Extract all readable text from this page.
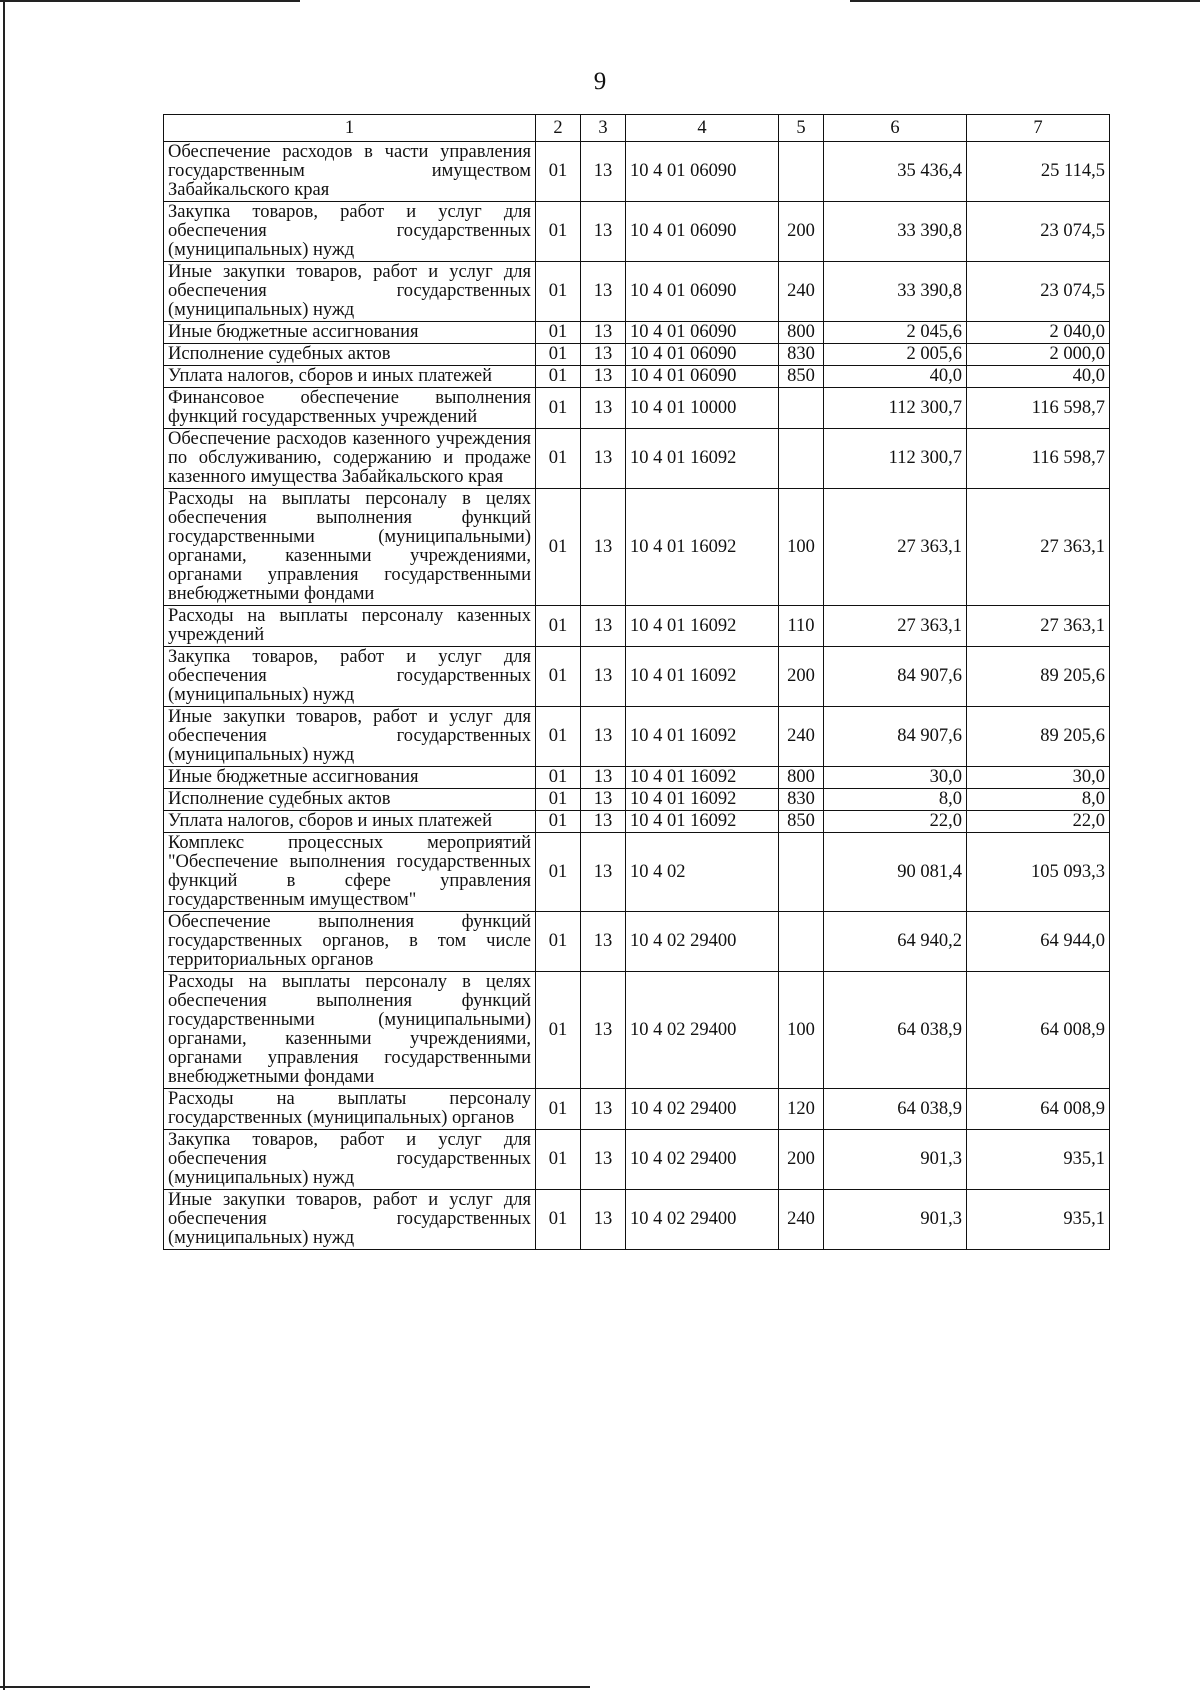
9
1	2	3	4	5	6	7
Обеспечение расходов в части управления государственным имуществом Забайкальского края	01	13	10 4 01 06090		35 436,4	25 114,5
Закупка товаров, работ и услуг для обеспечения государственных (муниципальных) нужд	01	13	10 4 01 06090	200	33 390,8	23 074,5
Иные закупки товаров, работ и услуг для обеспечения государственных (муниципальных) нужд	01	13	10 4 01 06090	240	33 390,8	23 074,5
Иные бюджетные ассигнования	01	13	10 4 01 06090	800	2 045,6	2 040,0
Исполнение судебных актов	01	13	10 4 01 06090	830	2 005,6	2 000,0
Уплата налогов, сборов и иных платежей	01	13	10 4 01 06090	850	40,0	40,0
Финансовое обеспечение выполнения функций государственных учреждений	01	13	10 4 01 10000		112 300,7	116 598,7
Обеспечение расходов казенного учреждения по обслуживанию, содержанию и продаже казенного имущества Забайкальского края	01	13	10 4 01 16092		112 300,7	116 598,7
Расходы на выплаты персоналу в целях обеспечения выполнения функций государственными (муниципальными) органами, казенными учреждениями, органами управления государственными внебюджетными фондами	01	13	10 4 01 16092	100	27 363,1	27 363,1
Расходы на выплаты персоналу казенных учреждений	01	13	10 4 01 16092	110	27 363,1	27 363,1
Закупка товаров, работ и услуг для обеспечения государственных (муниципальных) нужд	01	13	10 4 01 16092	200	84 907,6	89 205,6
Иные закупки товаров, работ и услуг для обеспечения государственных (муниципальных) нужд	01	13	10 4 01 16092	240	84 907,6	89 205,6
Иные бюджетные ассигнования	01	13	10 4 01 16092	800	30,0	30,0
Исполнение судебных актов	01	13	10 4 01 16092	830	8,0	8,0
Уплата налогов, сборов и иных платежей	01	13	10 4 01 16092	850	22,0	22,0
Комплекс процессных мероприятий "Обеспечение выполнения государственных функций в сфере управления государственным имуществом"	01	13	10 4 02		90 081,4	105 093,3
Обеспечение выполнения функций государственных органов, в том числе территориальных органов	01	13	10 4 02 29400		64 940,2	64 944,0
Расходы на выплаты персоналу в целях обеспечения выполнения функций государственными (муниципальными) органами, казенными учреждениями, органами управления государственными внебюджетными фондами	01	13	10 4 02 29400	100	64 038,9	64 008,9
Расходы на выплаты персоналу государственных (муниципальных) органов	01	13	10 4 02 29400	120	64 038,9	64 008,9
Закупка товаров, работ и услуг для обеспечения государственных (муниципальных) нужд	01	13	10 4 02 29400	200	901,3	935,1
Иные закупки товаров, работ и услуг для обеспечения государственных (муниципальных) нужд	01	13	10 4 02 29400	240	901,3	935,1
